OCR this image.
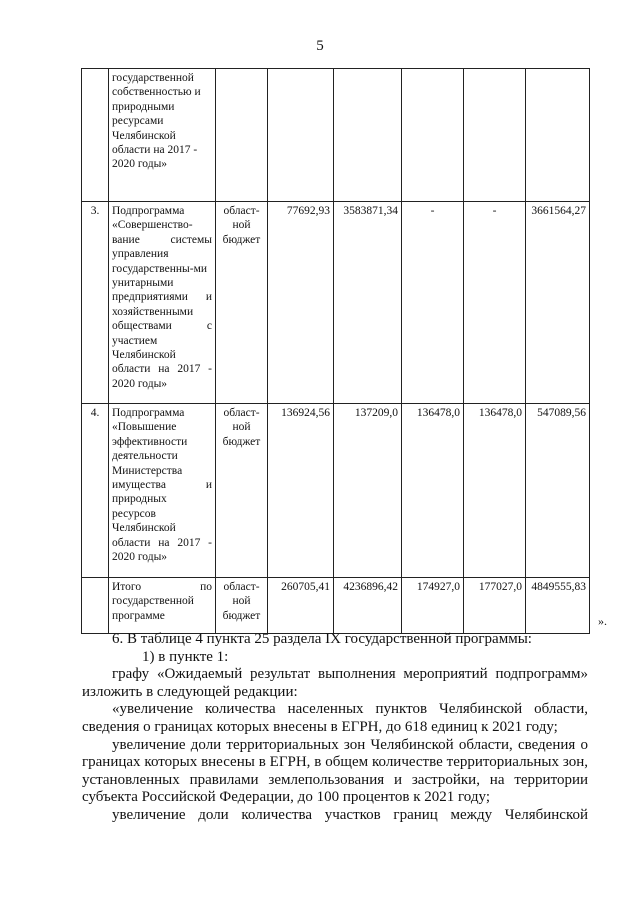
5
	государственной собственностью и природными ресурсами Челябинской области на 2017 - 2020 годы»						
3.	Подпрограмма «Совершенство-вание системы управления государственны-ми унитарными предприятиями и хозяйственными обществами с участием Челябинской области на 2017 - 2020 годы»	област-ной бюджет	77692,93	3583871,34	-	-	3661564,27
4.	Подпрограмма «Повышение эффективности деятельности Министерства имущества и природных ресурсов Челябинской области на 2017 - 2020 годы»	област-ной бюджет	136924,56	137209,0	136478,0	136478,0	547089,56
	Итого по государственной программе	област-ной бюджет	260705,41	4236896,42	174927,0	177027,0	4849555,83
».

6. В таблице 4 пункта 25 раздела IX государственной программы:

1) в пункте 1:

графу «Ожидаемый результат выполнения мероприятий подпрограмм» изложить в следующей редакции:

«увеличение количества населенных пунктов Челябинской области, сведения о границах которых внесены в ЕГРН, до 618 единиц к 2021 году;

увеличение доли территориальных зон Челябинской области, сведения о границах которых внесены в ЕГРН, в общем количестве территориальных зон, установленных правилами землепользования и застройки, на территории субъекта Российской Федерации, до 100 процентов к 2021 году;

увеличение доли количества участков границ между Челябинской
